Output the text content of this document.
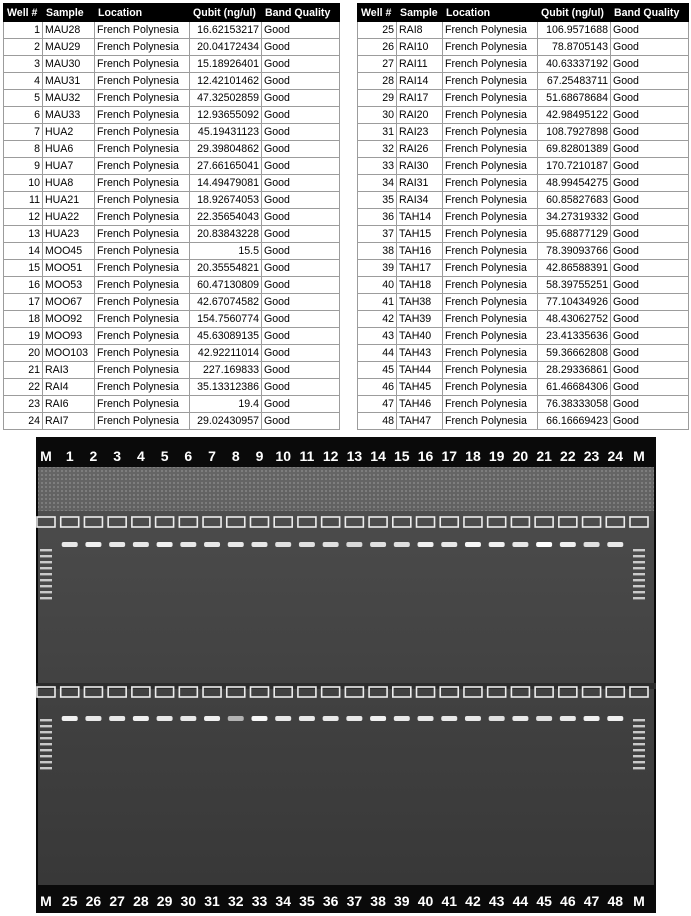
Well #	Sample	Location	Qubit (ng/ul)	Band Quality
1	MAU28	French Polynesia	16.62153217	Good
2	MAU29	French Polynesia	20.04172434	Good
3	MAU30	French Polynesia	15.18926401	Good
4	MAU31	French Polynesia	12.42101462	Good
5	MAU32	French Polynesia	47.32502859	Good
6	MAU33	French Polynesia	12.93655092	Good
7	HUA2	French Polynesia	45.19431123	Good
8	HUA6	French Polynesia	29.39804862	Good
9	HUA7	French Polynesia	27.66165041	Good
10	HUA8	French Polynesia	14.49479081	Good
11	HUA21	French Polynesia	18.92674053	Good
12	HUA22	French Polynesia	22.35654043	Good
13	HUA23	French Polynesia	20.83843228	Good
14	MOO45	French Polynesia	15.5	Good
15	MOO51	French Polynesia	20.35554821	Good
16	MOO53	French Polynesia	60.47130809	Good
17	MOO67	French Polynesia	42.67074582	Good
18	MOO92	French Polynesia	154.7560774	Good
19	MOO93	French Polynesia	45.63089135	Good
20	MOO103	French Polynesia	42.92211014	Good
21	RAI3	French Polynesia	227.169833	Good
22	RAI4	French Polynesia	35.13312386	Good
23	RAI6	French Polynesia	19.4	Good
24	RAI7	French Polynesia	29.02430957	Good
Well #	Sample	Location	Qubit (ng/ul)	Band Quality
25	RAI8	French Polynesia	106.9571688	Good
26	RAI10	French Polynesia	78.8705143	Good
27	RAI11	French Polynesia	40.63337192	Good
28	RAI14	French Polynesia	67.25483711	Good
29	RAI17	French Polynesia	51.68678684	Good
30	RAI20	French Polynesia	42.98495122	Good
31	RAI23	French Polynesia	108.7927898	Good
32	RAI26	French Polynesia	69.82801389	Good
33	RAI30	French Polynesia	170.7210187	Good
34	RAI31	French Polynesia	48.99454275	Good
35	RAI34	French Polynesia	60.85827683	Good
36	TAH14	French Polynesia	34.27319332	Good
37	TAH15	French Polynesia	95.68877129	Good
38	TAH16	French Polynesia	78.39093766	Good
39	TAH17	French Polynesia	42.86588391	Good
40	TAH18	French Polynesia	58.39755251	Good
41	TAH38	French Polynesia	77.10434926	Good
42	TAH39	French Polynesia	48.43062752	Good
43	TAH40	French Polynesia	23.41335636	Good
44	TAH43	French Polynesia	59.36662808	Good
45	TAH44	French Polynesia	28.29336861	Good
46	TAH45	French Polynesia	61.46684306	Good
47	TAH46	French Polynesia	76.38333058	Good
48	TAH47	French Polynesia	66.16669423	Good
M 1 2 3 4 5 6 7 8 9 10 11 12 13 14 15 16 17 18 19 20 21 22 23 24 M
M 25 26 27 28 29 30 31 32 33 34 35 36 37 38 39 40 41 42 43 44 45 46 47 48 M
